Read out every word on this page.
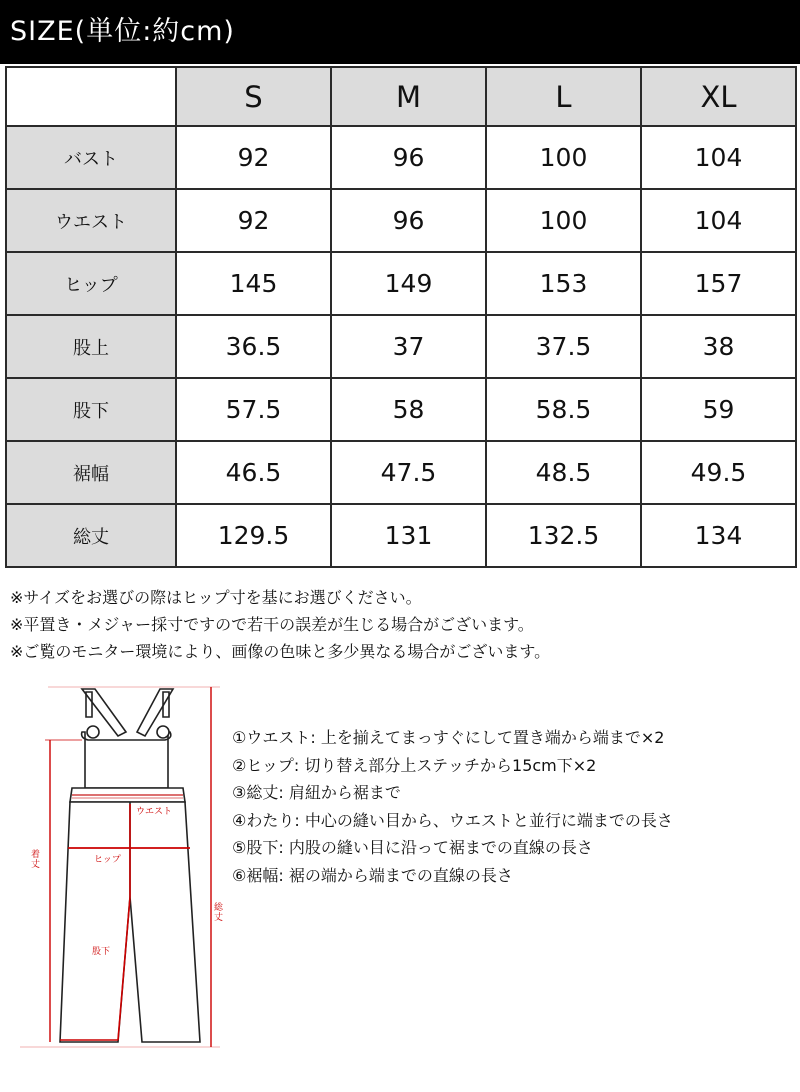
SIZE(単位:約cm)
	S	M	L	XL
バスト	92	96	100	104
ウエスト	92	96	100	104
ヒップ	145	149	153	157
股上	36.5	37	37.5	38
股下	57.5	58	58.5	59
裾幅	46.5	47.5	48.5	49.5
総丈	129.5	131	132.5	134
※サイズをお選びの際はヒップ寸を基にお選びください。
※平置き・メジャー採寸ですので若干の誤差が生じる場合がございます。
※ご覧のモニター環境により、画像の色味と多少異なる場合がございます。
ウエスト
ヒップ
股下
着丈
総丈
①ウエスト: 上を揃えてまっすぐにして置き端から端まで×2
②ヒップ: 切り替え部分上ステッチから15cm下×2
③総丈: 肩紐から裾まで
④わたり: 中心の縫い目から、ウエストと並行に端までの長さ
⑤股下: 内股の縫い目に沿って裾までの直線の長さ
⑥裾幅: 裾の端から端までの直線の長さ
